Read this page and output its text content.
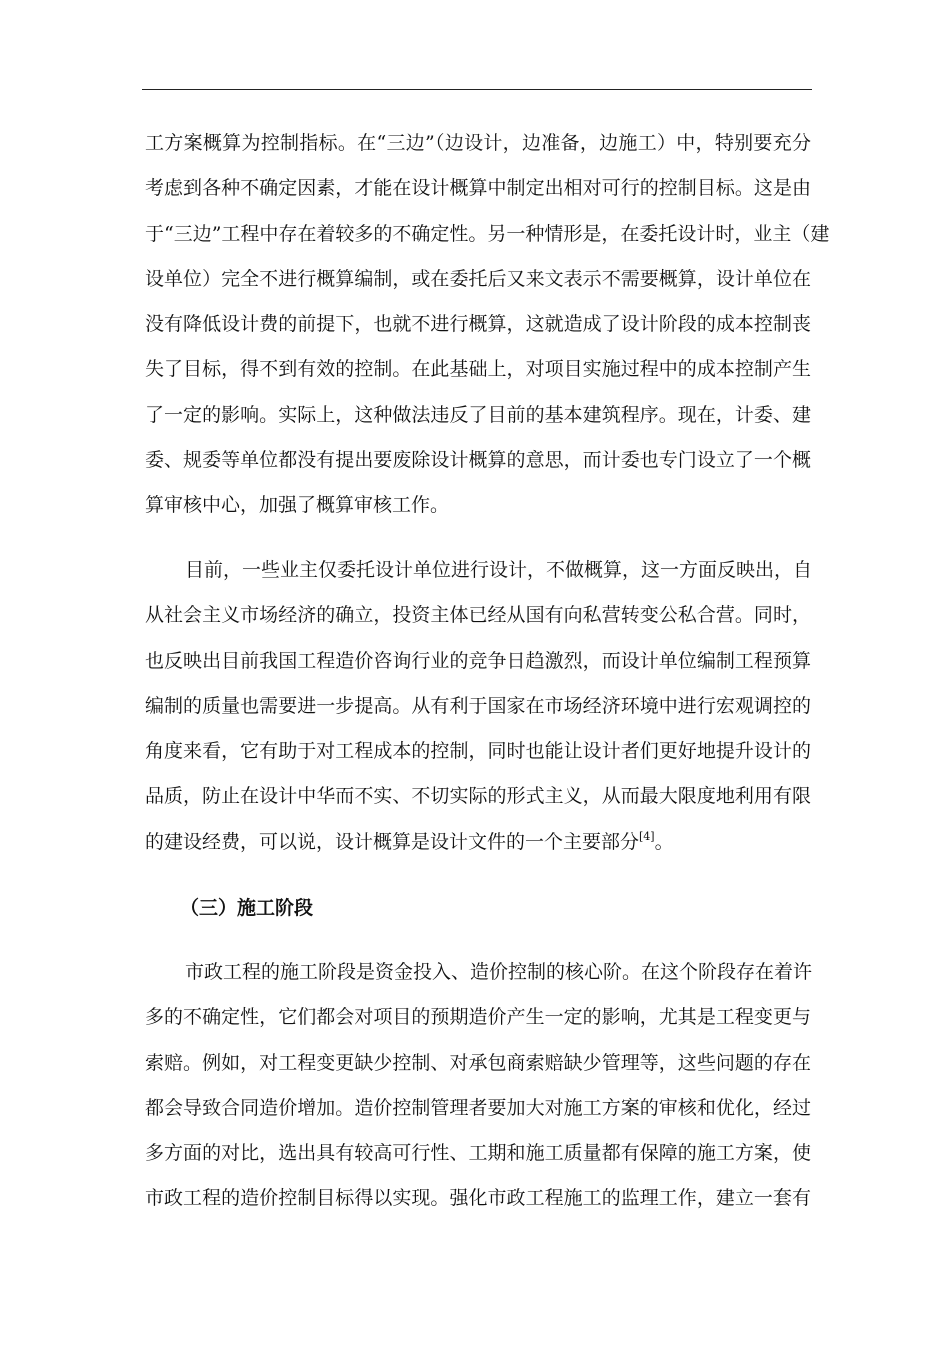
工方案概算为控制指标。在“三边”（边设计，边准备，边施工）中，特别要充分
考虑到各种不确定因素，才能在设计概算中制定出相对可行的控制目标。这是由
于“三边”工程中存在着较多的不确定性。另一种情形是，在委托设计时，业主（建
设单位）完全不进行概算编制，或在委托后又来文表示不需要概算，设计单位在
没有降低设计费的前提下，也就不进行概算，这就造成了设计阶段的成本控制丧
失了目标，得不到有效的控制。在此基础上，对项目实施过程中的成本控制产生
了一定的影响。实际上，这种做法违反了目前的基本建筑程序。现在，计委、建
委、规委等单位都没有提出要废除设计概算的意思，而计委也专门设立了一个概
算审核中心，加强了概算审核工作。
目前，一些业主仅委托设计单位进行设计，不做概算，这一方面反映出，自
从社会主义市场经济的确立，投资主体已经从国有向私营转变公私合营。同时，
也反映出目前我国工程造价咨询行业的竞争日趋激烈，而设计单位编制工程预算
编制的质量也需要进一步提高。从有利于国家在市场经济环境中进行宏观调控的
角度来看，它有助于对工程成本的控制，同时也能让设计者们更好地提升设计的
品质，防止在设计中华而不实、不切实际的形式主义，从而最大限度地利用有限
的建设经费，可以说，设计概算是设计文件的一个主要部分[4]。
（三）施工阶段
市政工程的施工阶段是资金投入、造价控制的核心阶。在这个阶段存在着许
多的不确定性，它们都会对项目的预期造价产生一定的影响，尤其是工程变更与
索赔。例如，对工程变更缺少控制、对承包商索赔缺少管理等，这些问题的存在
都会导致合同造价增加。造价控制管理者要加大对施工方案的审核和优化，经过
多方面的对比，选出具有较高可行性、工期和施工质量都有保障的施工方案，使
市政工程的造价控制目标得以实现。强化市政工程施工的监理工作，建立一套有
